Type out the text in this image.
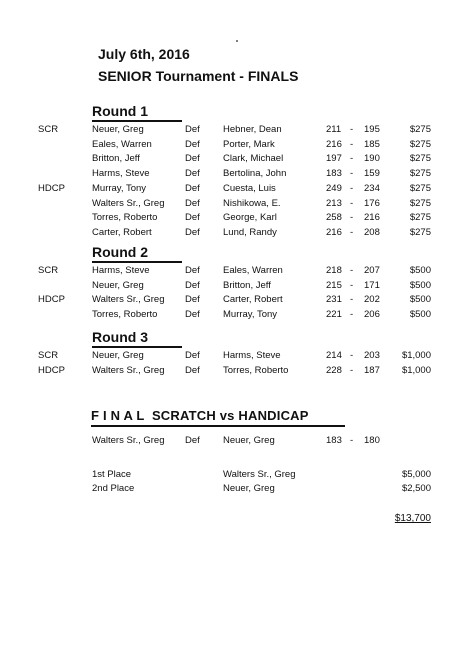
July 6th, 2016
SENIOR Tournament - FINALS
Round 1
SCR	Neuer, Greg	Def Hebner, Dean	211 - 195	$275
Eales, Warren	Def Porter, Mark	216 - 185	$275
Britton, Jeff	Def Clark, Michael	197 - 190	$275
Harms, Steve	Def Bertolina, John	183 - 159	$275
HDCP	Murray, Tony	Def Cuesta, Luis	249 - 234	$275
Walters Sr., Greg Def Nishikowa, E.	213 - 176	$275
Torres, Roberto	Def George, Karl	258 - 216	$275
Carter, Robert	Def Lund, Randy	216 - 208	$275
Round 2
SCR	Harms, Steve	Def Eales, Warren	218 - 207	$500
Neuer, Greg	Def Britton, Jeff	215 - 171	$500
HDCP	Walters Sr., Greg Def Carter, Robert	231 - 202	$500
Torres, Roberto	Def Murray, Tony	221 - 206	$500
Round 3
SCR	Neuer, Greg	Def Harms, Steve	214 - 203 $1,000
HDCP	Walters Sr., Greg Def Torres, Roberto	228 - 187 $1,000
F I N A L  SCRATCH vs HANDICAP
Walters Sr., Greg Def Neuer, Greg	183 - 180
1st Place	Walters Sr., Greg	$5,000
2nd Place	Neuer, Greg	$2,500
$13,700
